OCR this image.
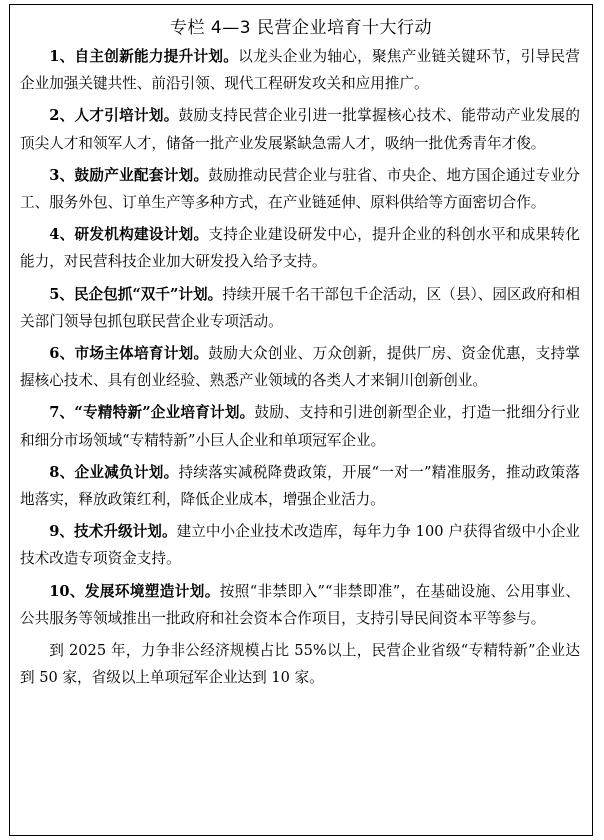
专栏 4—3 民营企业培育十大行动

1、自主创新能力提升计划。以龙头企业为轴心，聚焦产业链关键环节，引导民营企业加强关键共性、前沿引领、现代工程研发攻关和应用推广。

2、人才引培计划。鼓励支持民营企业引进一批掌握核心技术、能带动产业发展的顶尖人才和领军人才，储备一批产业发展紧缺急需人才，吸纳一批优秀青年才俊。

3、鼓励产业配套计划。鼓励推动民营企业与驻省、市央企、地方国企通过专业分工、服务外包、订单生产等多种方式，在产业链延伸、原料供给等方面密切合作。

4、研发机构建设计划。支持企业建设研发中心，提升企业的科创水平和成果转化能力，对民营科技企业加大研发投入给予支持。

5、民企包抓“双千”计划。持续开展千名干部包千企活动，区（县）、园区政府和相关部门领导包抓包联民营企业专项活动。

6、市场主体培育计划。鼓励大众创业、万众创新，提供厂房、资金优惠，支持掌握核心技术、具有创业经验、熟悉产业领域的各类人才来铜川创新创业。

7、“专精特新”企业培育计划。鼓励、支持和引进创新型企业，打造一批细分行业和细分市场领域“专精特新”小巨人企业和单项冠军企业。

8、企业减负计划。持续落实减税降费政策，开展“一对一”精准服务，推动政策落地落实，释放政策红利，降低企业成本，增强企业活力。

9、技术升级计划。建立中小企业技术改造库，每年力争 100 户获得省级中小企业技术改造专项资金支持。

10、发展环境塑造计划。按照“非禁即入”“非禁即准”，在基础设施、公用事业、公共服务等领域推出一批政府和社会资本合作项目，支持引导民间资本平等参与。

到 2025 年，力争非公经济规模占比 55%以上，民营企业省级“专精特新”企业达到 50 家，省级以上单项冠军企业达到 10 家。
